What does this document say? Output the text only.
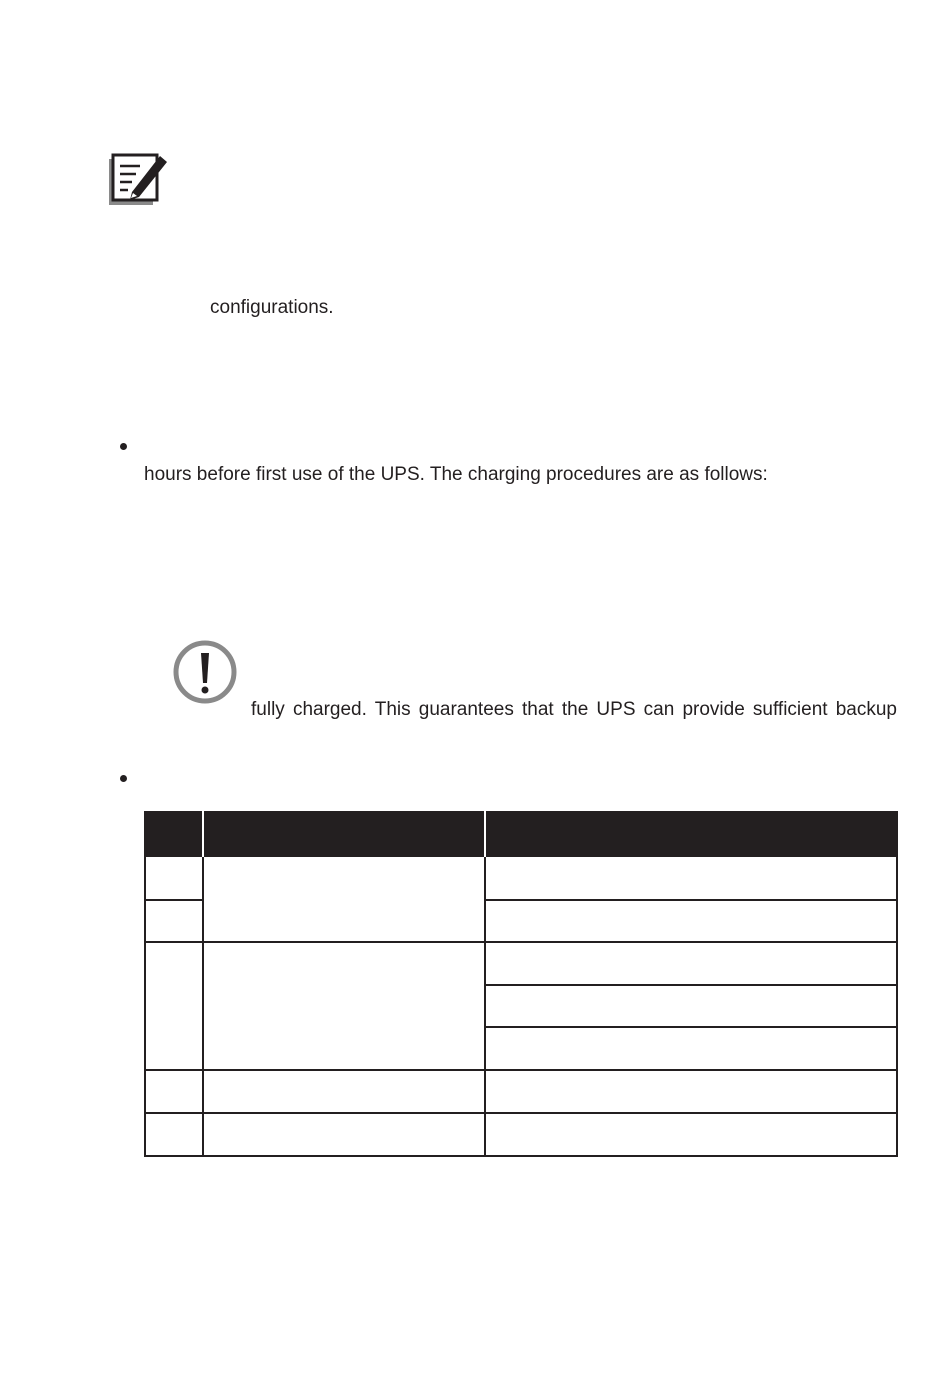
configurations.
hours before first use of the UPS. The charging procedures are as follows:
fully charged. This guarantees that the UPS can provide sufficient backup
